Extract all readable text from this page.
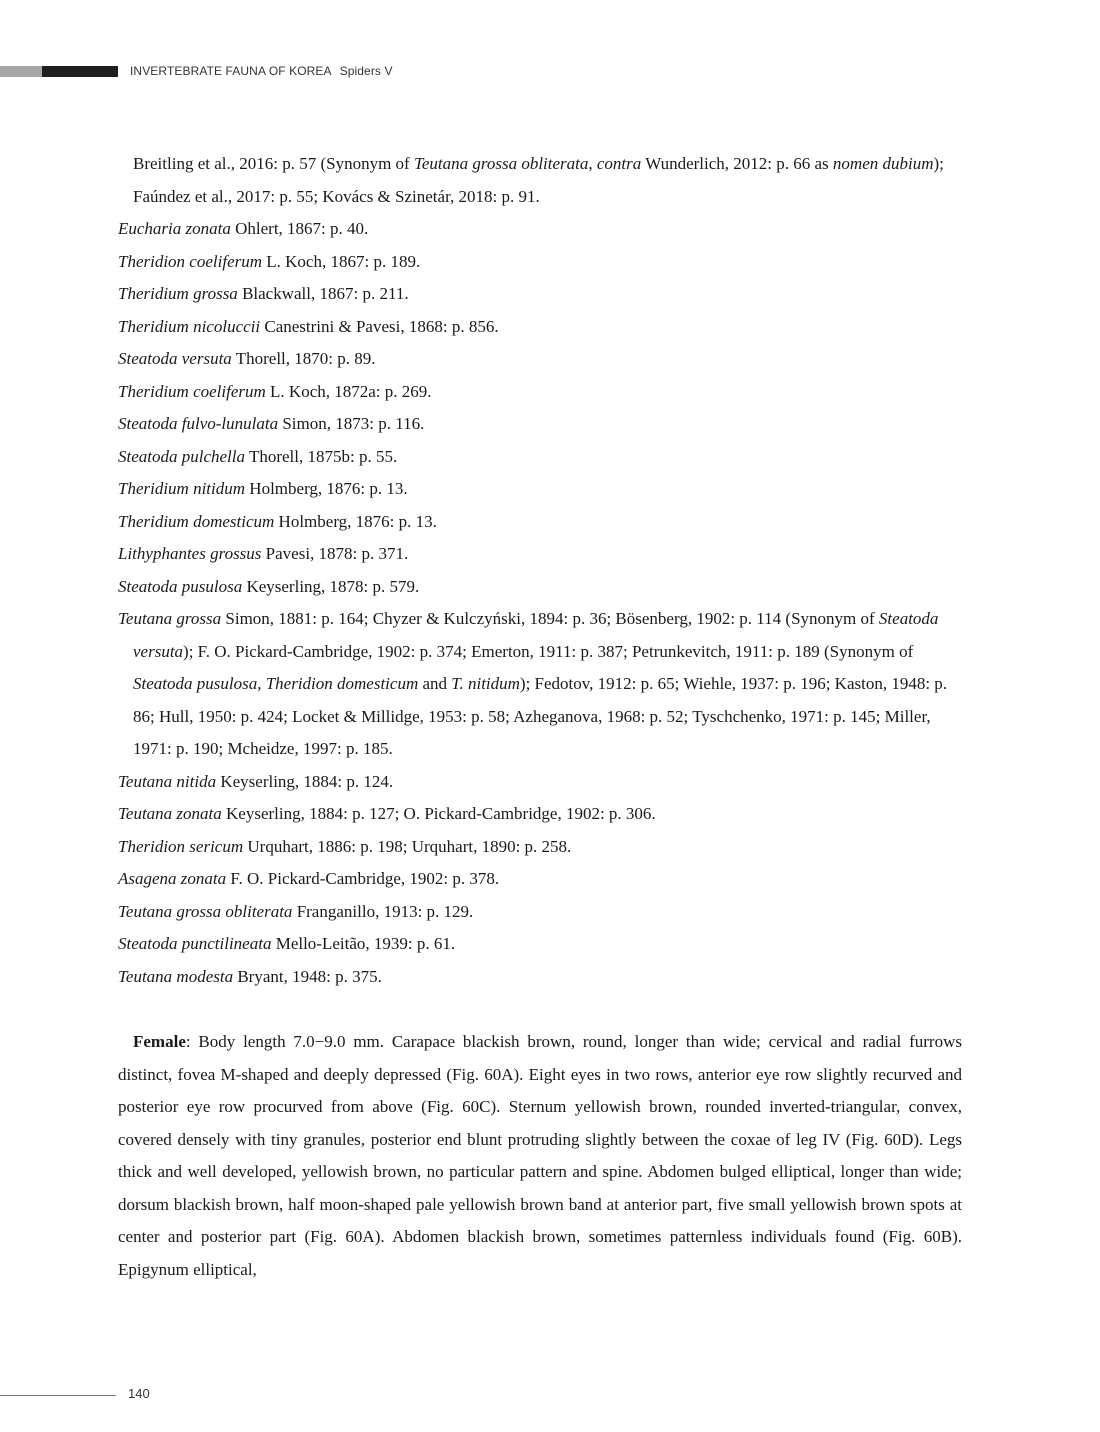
INVERTEBRATE FAUNA OF KOREA Spiders V

Breitling et al., 2016: p. 57 (Synonym of Teutana grossa obliterata, contra Wunderlich, 2012: p. 66 as nomen dubium); Faúndez et al., 2017: p. 55; Kovács & Szinetár, 2018: p. 91.

Eucharia zonata Ohlert, 1867: p. 40.

Theridion coeliferum L. Koch, 1867: p. 189.

Theridium grossa Blackwall, 1867: p. 211.

Theridium nicoluccii Canestrini & Pavesi, 1868: p. 856.

Steatoda versuta Thorell, 1870: p. 89.

Theridium coeliferum L. Koch, 1872a: p. 269.

Steatoda fulvo-lunulata Simon, 1873: p. 116.

Steatoda pulchella Thorell, 1875b: p. 55.

Theridium nitidum Holmberg, 1876: p. 13.

Theridium domesticum Holmberg, 1876: p. 13.

Lithyphantes grossus Pavesi, 1878: p. 371.

Steatoda pusulosa Keyserling, 1878: p. 579.

Teutana grossa Simon, 1881: p. 164; Chyzer & Kulczyński, 1894: p. 36; Bösenberg, 1902: p. 114 (Synonym of Steatoda versuta); F. O. Pickard-Cambridge, 1902: p. 374; Emerton, 1911: p. 387; Petrunkevitch, 1911: p. 189 (Synonym of Steatoda pusulosa, Theridion domesticum and T. nitidum); Fedotov, 1912: p. 65; Wiehle, 1937: p. 196; Kaston, 1948: p. 86; Hull, 1950: p. 424; Locket & Millidge, 1953: p. 58; Azheganova, 1968: p. 52; Tyschchenko, 1971: p. 145; Miller, 1971: p. 190; Mcheidze, 1997: p. 185.

Teutana nitida Keyserling, 1884: p. 124.

Teutana zonata Keyserling, 1884: p. 127; O. Pickard-Cambridge, 1902: p. 306.

Theridion sericum Urquhart, 1886: p. 198; Urquhart, 1890: p. 258.

Asagena zonata F. O. Pickard-Cambridge, 1902: p. 378.

Teutana grossa obliterata Franganillo, 1913: p. 129.

Steatoda punctilineata Mello-Leitão, 1939: p. 61.

Teutana modesta Bryant, 1948: p. 375.

Female: Body length 7.0−9.0 mm. Carapace blackish brown, round, longer than wide; cervical and radial furrows distinct, fovea M-shaped and deeply depressed (Fig. 60A). Eight eyes in two rows, anterior eye row slightly recurved and posterior eye row procurved from above (Fig. 60C). Sternum yellowish brown, rounded inverted-triangular, convex, covered densely with tiny granules, posterior end blunt protruding slightly between the coxae of leg IV (Fig. 60D). Legs thick and well developed, yellowish brown, no particular pattern and spine. Abdomen bulged elliptical, longer than wide; dorsum blackish brown, half moon-shaped pale yellowish brown band at anterior part, five small yellowish brown spots at center and posterior part (Fig. 60A). Abdomen blackish brown, sometimes patternless individuals found (Fig. 60B). Epigynum elliptical,

140
